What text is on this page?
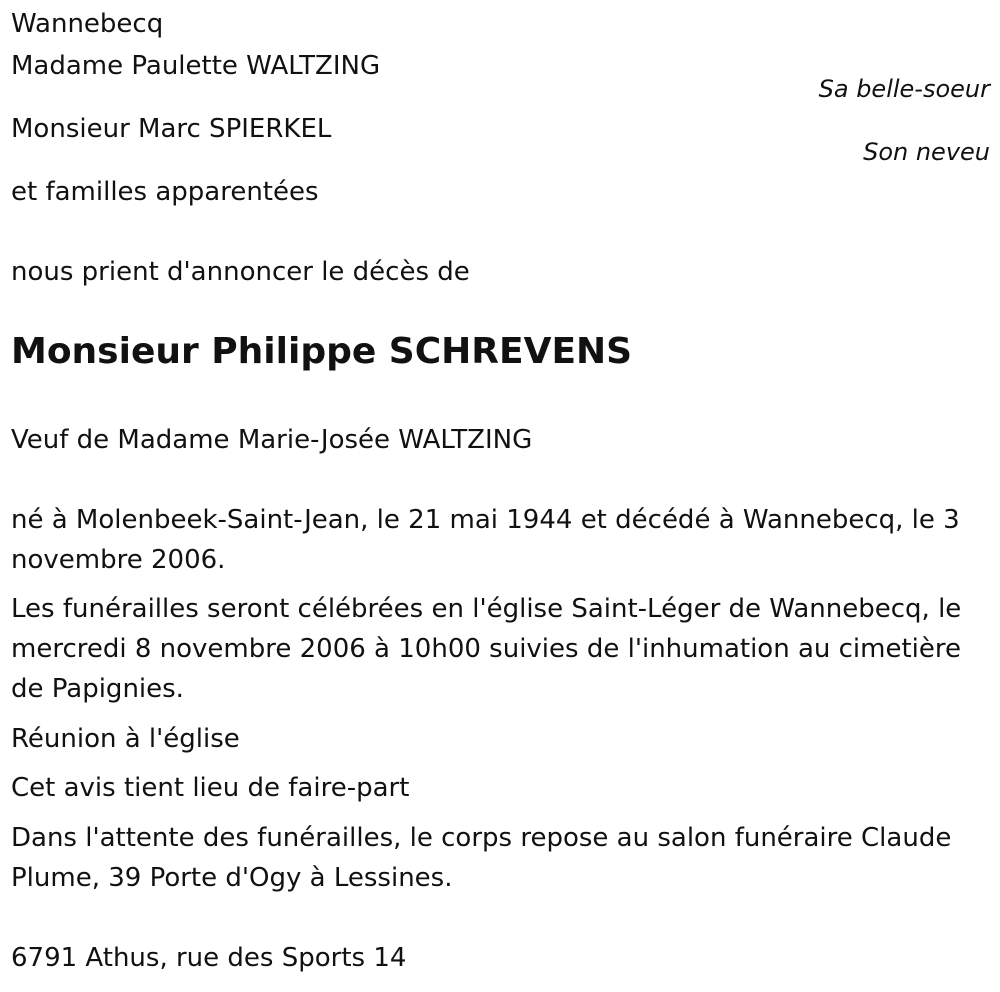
Wannebecq

Madame Paulette WALTZING

Sa belle-soeur

Monsieur Marc SPIERKEL

Son neveu

et familles apparentées

nous prient d'annoncer le décès de

Monsieur Philippe SCHREVENS

Veuf de Madame Marie-Josée WALTZING

né à Molenbeek-Saint-Jean, le 21 mai 1944 et décédé à Wannebecq, le 3 novembre 2006.

Les funérailles seront célébrées en l'église Saint-Léger de Wannebecq, le mercredi 8 novembre 2006 à 10h00 suivies de l'inhumation au cimetière de Papignies.

Réunion à l'église

Cet avis tient lieu de faire-part

Dans l'attente des funérailles, le corps repose au salon funéraire Claude Plume, 39 Porte d'Ogy à Lessines.

6791 Athus, rue des Sports 14
